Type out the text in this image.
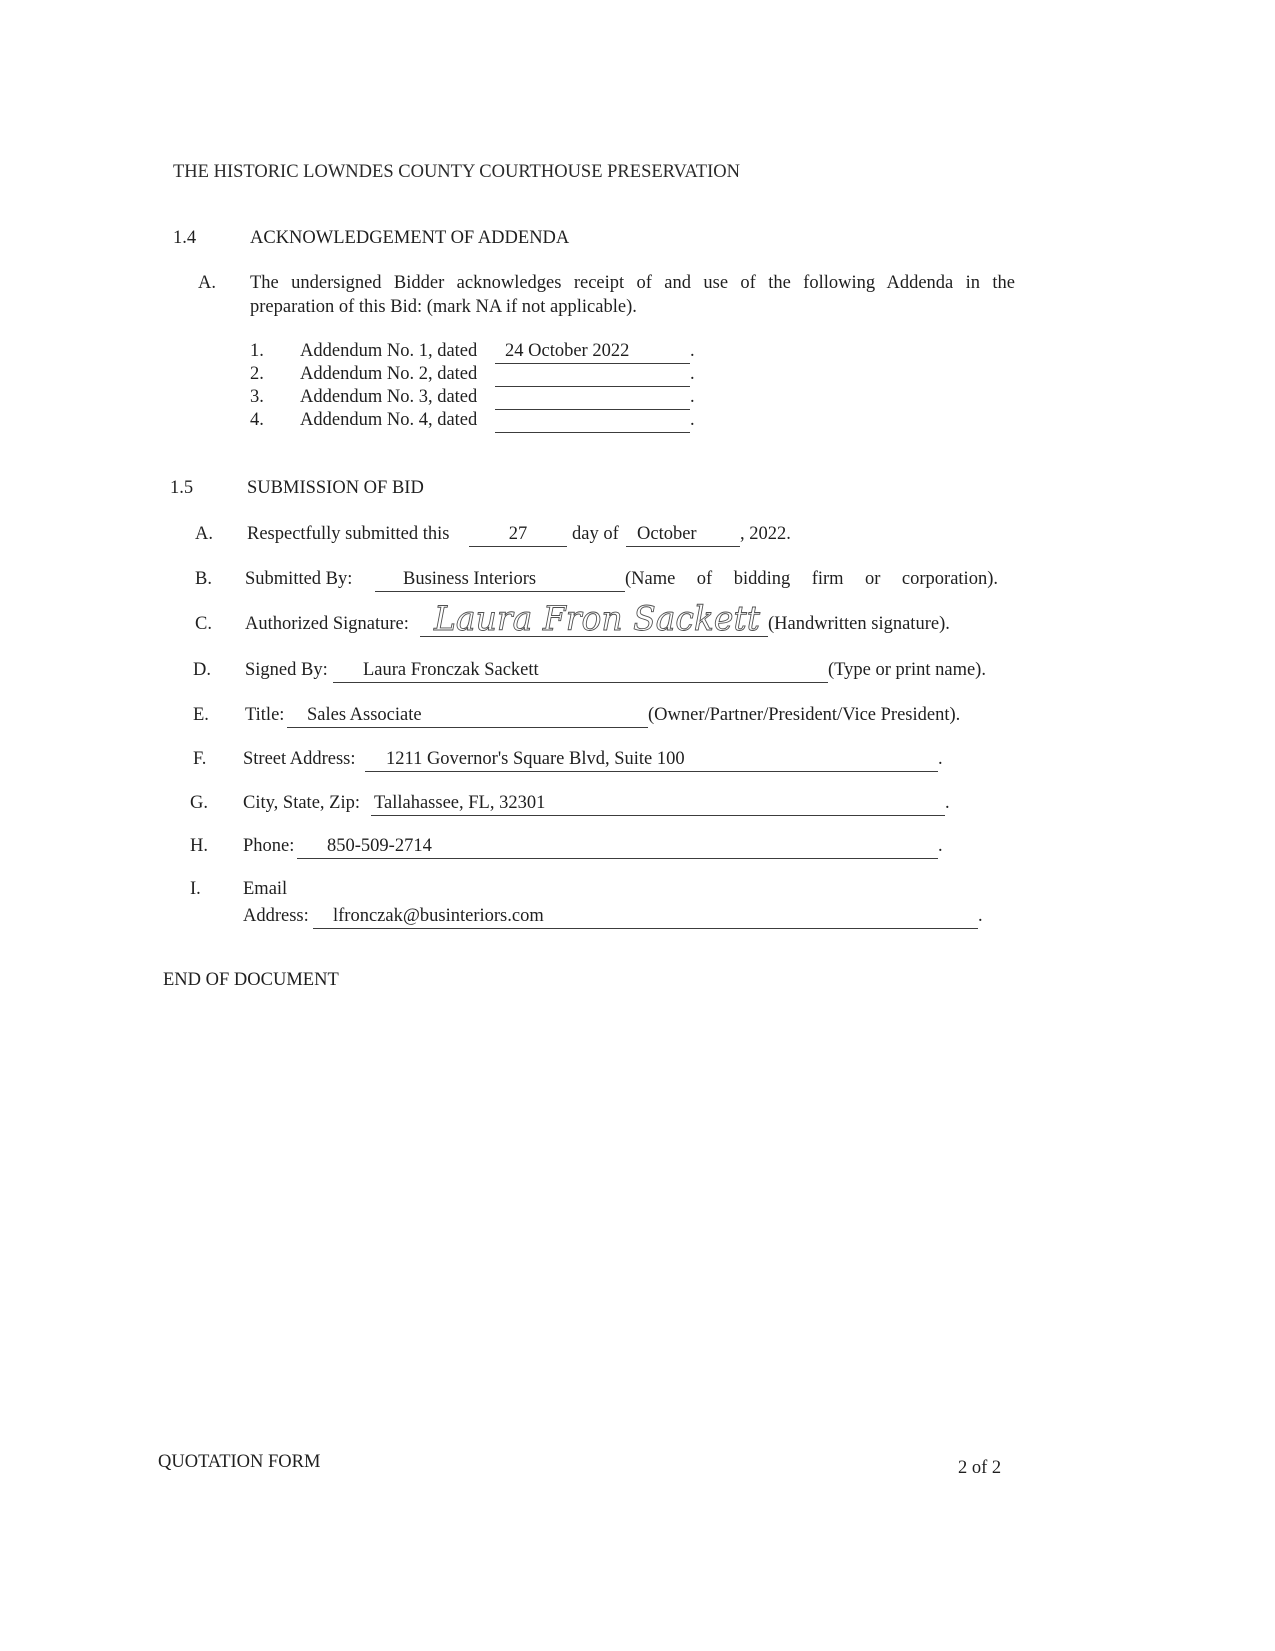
THE HISTORIC LOWNDES COUNTY COURTHOUSE PRESERVATION
1.4	ACKNOWLEDGEMENT OF ADDENDA
A. The undersigned Bidder acknowledges receipt of and use of the following Addenda in the
preparation of this Bid: (mark NA if not applicable).
1. Addendum No. 1, dated 24 October 2022	.
2. Addendum No. 2, dated	.
3. Addendum No. 3, dated	.
4. Addendum No. 4, dated	.
1.5	SUBMISSION OF BID
A. Respectfully submitted this	27 day of October , 2022.
B. Submitted By:	Business Interiors	(Name of bidding firm or corporation).
C. Authorized Signature: Laura Fron Sackett (Handwritten signature).
D. Signed By: Laura Fronczak Sackett	(Type or print name).
E. Title: Sales Associate	(Owner/Partner/President/Vice President).
F. Street Address: 1211 Governor's Square Blvd, Suite 100	.
G. City, State, Zip: Tallahassee, FL, 32301	.
H. Phone: 850-509-2714	.
I. Email
Address: lfronczak@businteriors.com	.
END OF DOCUMENT
QUOTATION FORM	2 of 2
